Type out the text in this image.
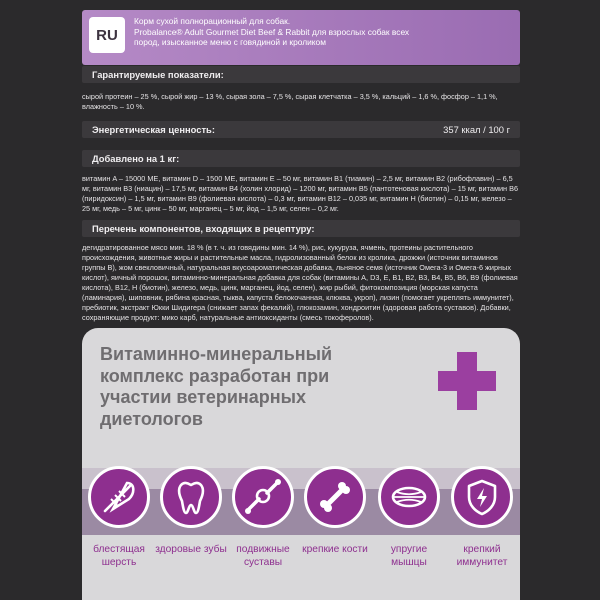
RU
Корм сухой полнорационный для собак.
Probalance® Adult Gourmet Diet Beef & Rabbit для взрослых собак всех
пород, изысканное меню с говядиной и кроликом
Гарантируемые показатели:
сырой протеин – 25 %, сырой жир – 13 %, сырая зола – 7,5 %, сырая клетчатка – 3,5 %, кальций – 1,6 %, фосфор – 1,1 %, влажность – 10 %.
Энергетическая ценность:	357 ккал / 100 г
Добавлено на 1 кг:
витамин A – 15000 МЕ, витамин D – 1500 МЕ, витамин E – 50 мг, витамин B1 (тиамин) – 2,5 мг, витамин B2 (рибофлавин) – 6,5 мг, витамин B3 (ниацин) – 17,5 мг, витамин B4 (холин хлорид) – 1200 мг, витамин B5 (пантотеновая кислота) – 15 мг, витамин B6 (пиридоксин) – 1,5 мг, витамин B9 (фолиевая кислота) – 0,3 мг, витамин B12 – 0,035 мг, витамин H (биотин) – 0,15 мг, железо – 25 мг, медь – 5 мг, цинк – 50 мг, марганец – 5 мг, йод – 1,5 мг, селен – 0,2 мг.
Перечень компонентов, входящих в рецептуру:
дегидратированное мясо мин. 18 % (в т. ч. из говядины мин. 14 %), рис, кукуруза, ячмень, протеины растительного происхождения, животные жиры и растительные масла, гидролизованный белок из кролика, дрожжи (источник витаминов группы B), жом свекловичный, натуральная вкусоароматическая добавка, льняное семя (источник Омега-3 и Омега-6 жирных кислот), яичный порошок, витаминно-минеральная добавка для собак (витамины A, D3, E, B1, B2, B3, B4, B5, B6, B9 (фолиевая кислота), B12, H (биотин), железо, медь, цинк, марганец, йод, селен), жир рыбий, фитокомпозиция (морская капуста (ламинария), шиповник, рябина красная, тыква, капуста белокочанная, клюква, укроп), лизин (помогает укреплять иммунитет), пребиотик, экстракт Юкки Шидигера (снижает запах фекалий), глюкозамин, хондроитин (здоровая работа суставов). Добавки, сохраняющие продукт: мико карб, натуральные антиоксиданты (смесь токоферолов).
Витаминно-минеральный комплекс разработан при участии ветеринарных диетологов
блестящая шерсть
здоровые зубы подвижные суставы
крепкие кости	упругие мышцы
крепкий иммунитет
